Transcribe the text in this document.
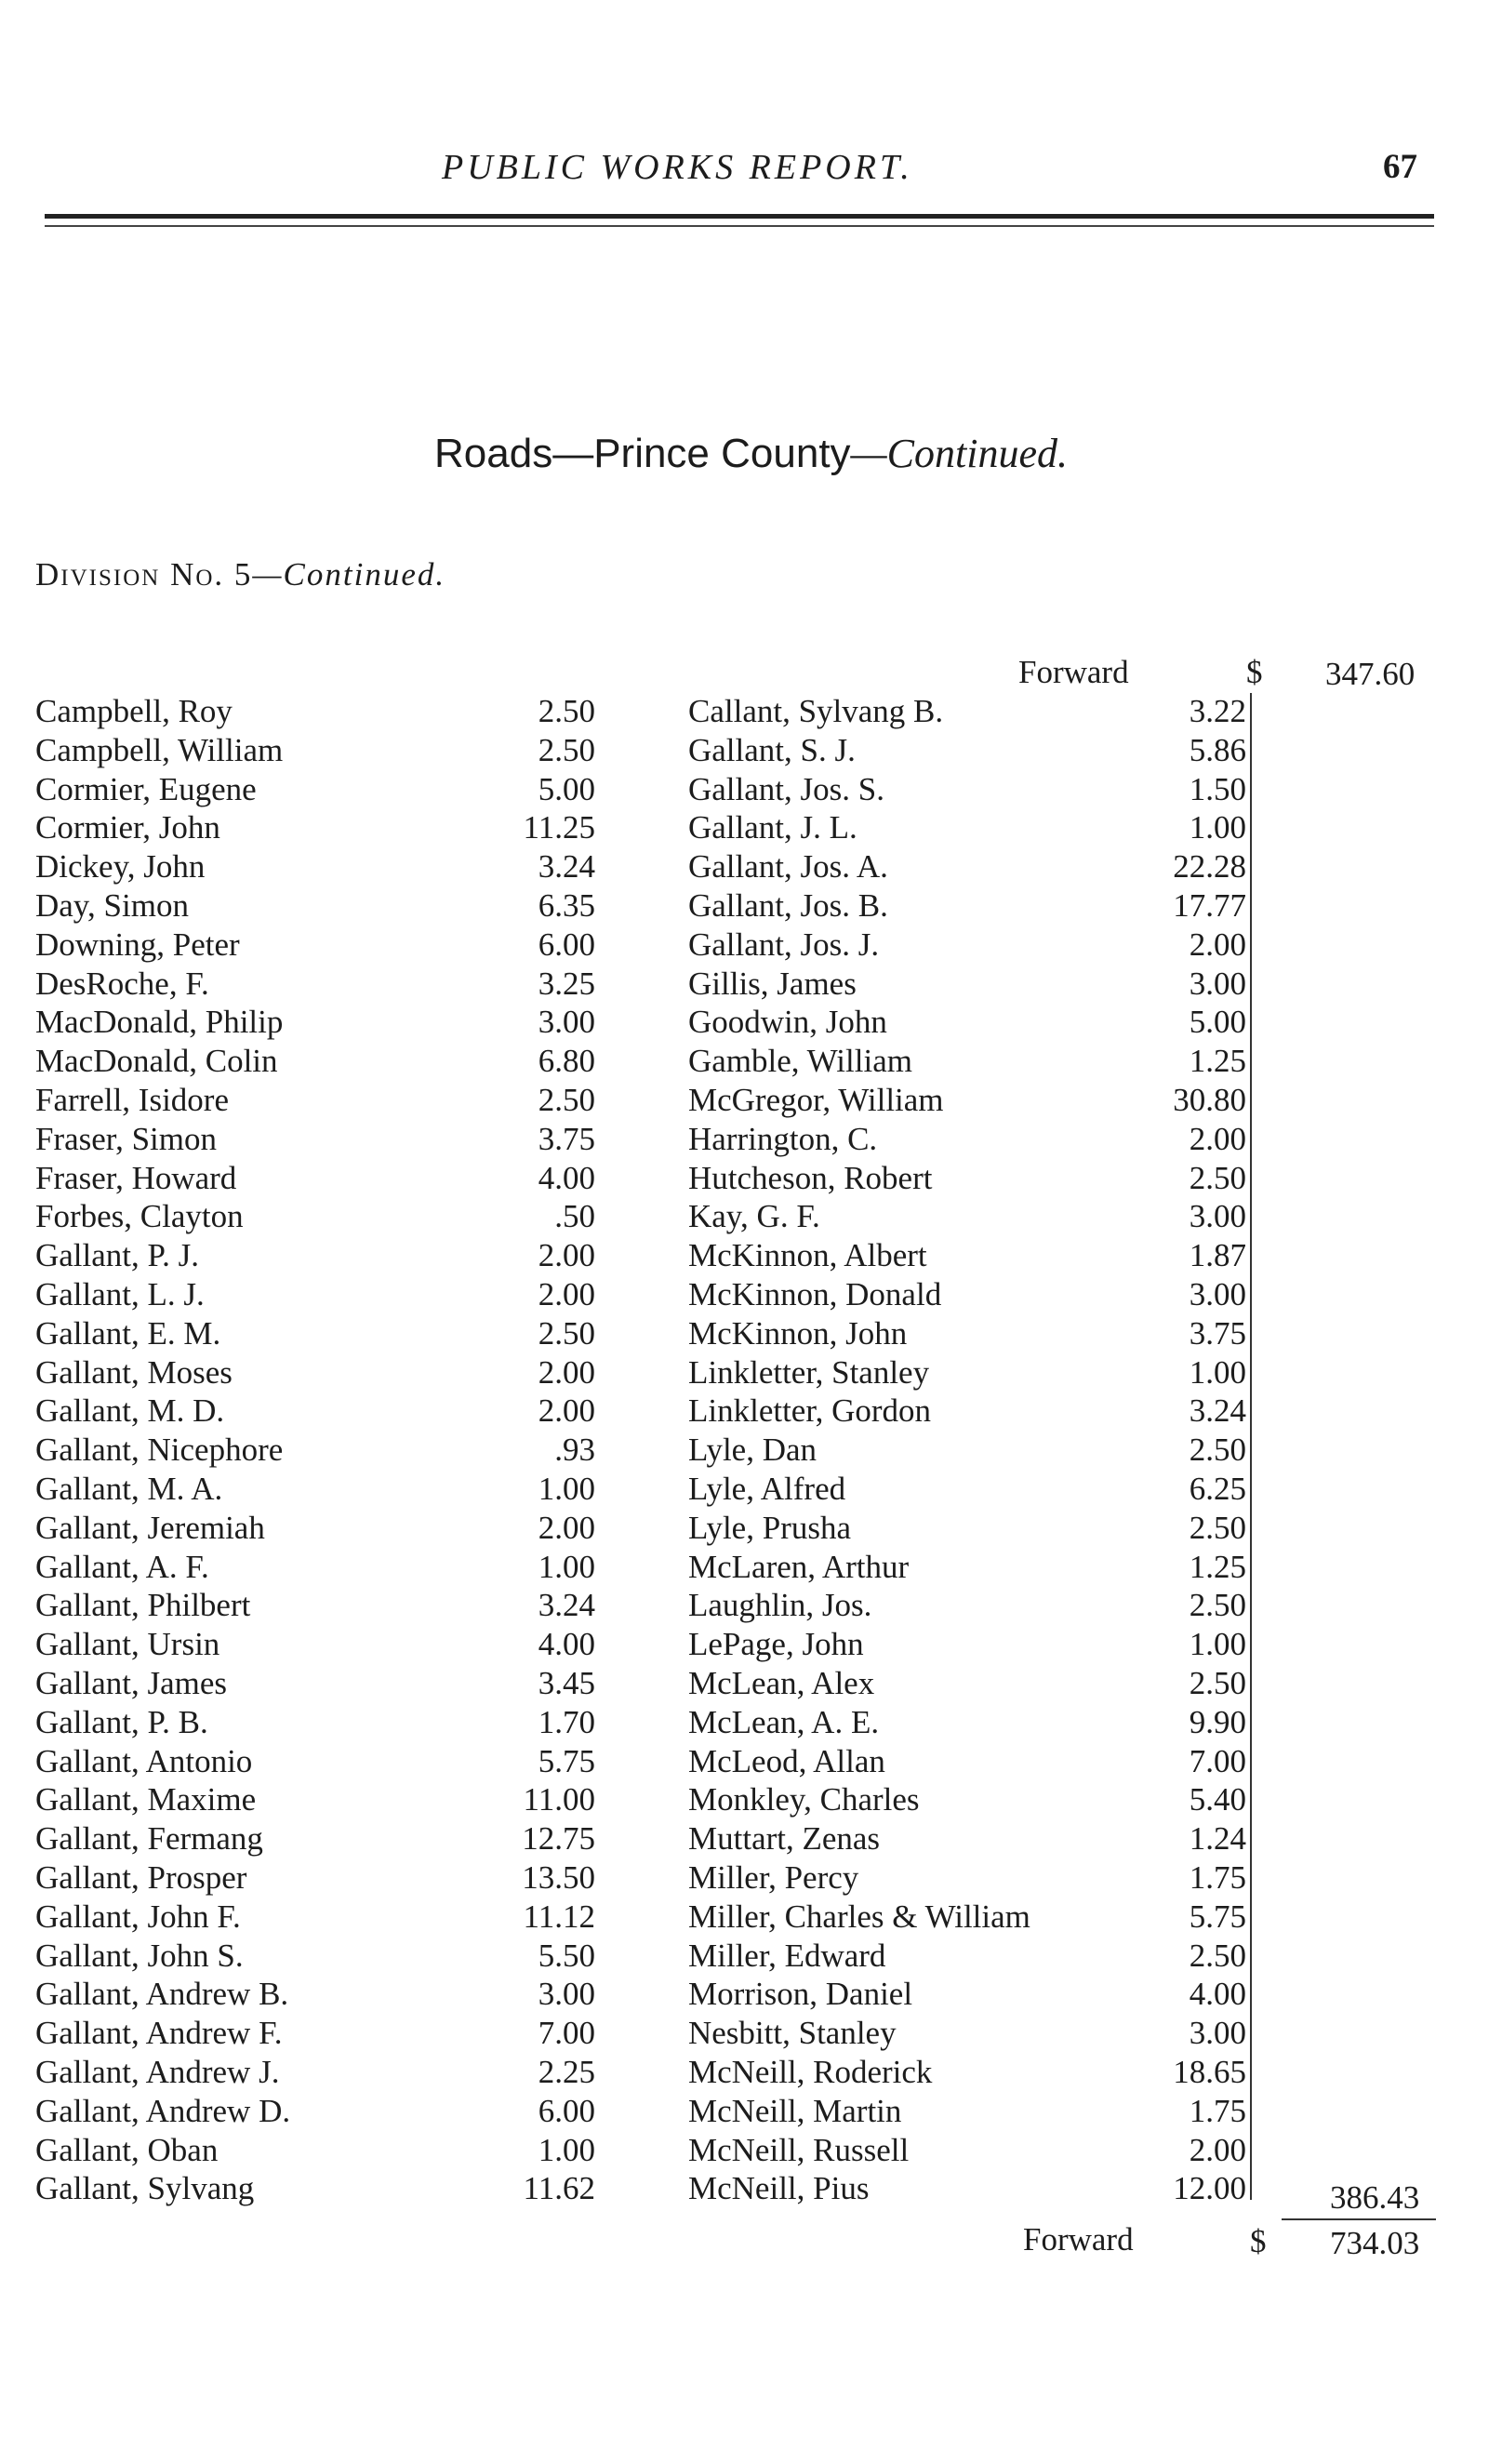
PUBLIC WORKS REPORT.	67
Roads—Prince County—Continued.
Division No. 5—Continued.
Forward	$ 347.60
Campbell, Roy	2.50
Campbell, William	2.50
Cormier, Eugene	5.00
Cormier, John	11.25
Dickey, John	3.24
Day, Simon	6.35
Downing, Peter	6.00
DesRoche, F.	3.25
MacDonald, Philip	3.00
MacDonald, Colin	6.80
Farrell, Isidore	2.50
Fraser, Simon	3.75
Fraser, Howard	4.00
Forbes, Clayton	.50
Gallant, P. J.	2.00
Gallant, L. J.	2.00
Gallant, E. M.	2.50
Gallant, Moses	2.00
Gallant, M. D.	2.00
Gallant, Nicephore	.93
Gallant, M. A.	1.00
Gallant, Jeremiah	2.00
Gallant, A. F.	1.00
Gallant, Philbert	3.24
Gallant, Ursin	4.00
Gallant, James	3.45
Gallant, P. B.	1.70
Gallant, Antonio	5.75
Gallant, Maxime	11.00
Gallant, Fermang	12.75
Gallant, Prosper	13.50
Gallant, John F.	11.12
Gallant, John S.	5.50
Gallant, Andrew B.	3.00
Gallant, Andrew F.	7.00
Gallant, Andrew J.	2.25
Gallant, Andrew D.	6.00
Gallant, Oban	1.00
Gallant, Sylvang	11.62
Callant, Sylvang B.	3.22
Gallant, S. J.	5.86
Gallant, Jos. S.	1.50
Gallant, J. L.	1.00
Gallant, Jos. A.	22.28
Gallant, Jos. B.	17.77
Gallant, Jos. J.	2.00
Gillis, James	3.00
Goodwin, John	5.00
Gamble, William	1.25
McGregor, William	30.80
Harrington, C.	2.00
Hutcheson, Robert	2.50
Kay, G. F.	3.00
McKinnon, Albert	1.87
McKinnon, Donald	3.00
McKinnon, John	3.75
Linkletter, Stanley	1.00
Linkletter, Gordon	3.24
Lyle, Dan	2.50
Lyle, Alfred	6.25
Lyle, Prusha	2.50
McLaren, Arthur	1.25
Laughlin, Jos.	2.50
LePage, John	1.00
McLean, Alex	2.50
McLean, A. E.	9.90
McLeod, Allan	7.00
Monkley, Charles	5.40
Muttart, Zenas	1.24
Miller, Percy	1.75
Miller, Charles & William	5.75
Miller, Edward	2.50
Morrison, Daniel	4.00
Nesbitt, Stanley	3.00
McNeill, Roderick	18.65
McNeill, Martin	1.75
McNeill, Russell	2.00
McNeill, Pius	12.00	386.43
Forward	$ 734.03
